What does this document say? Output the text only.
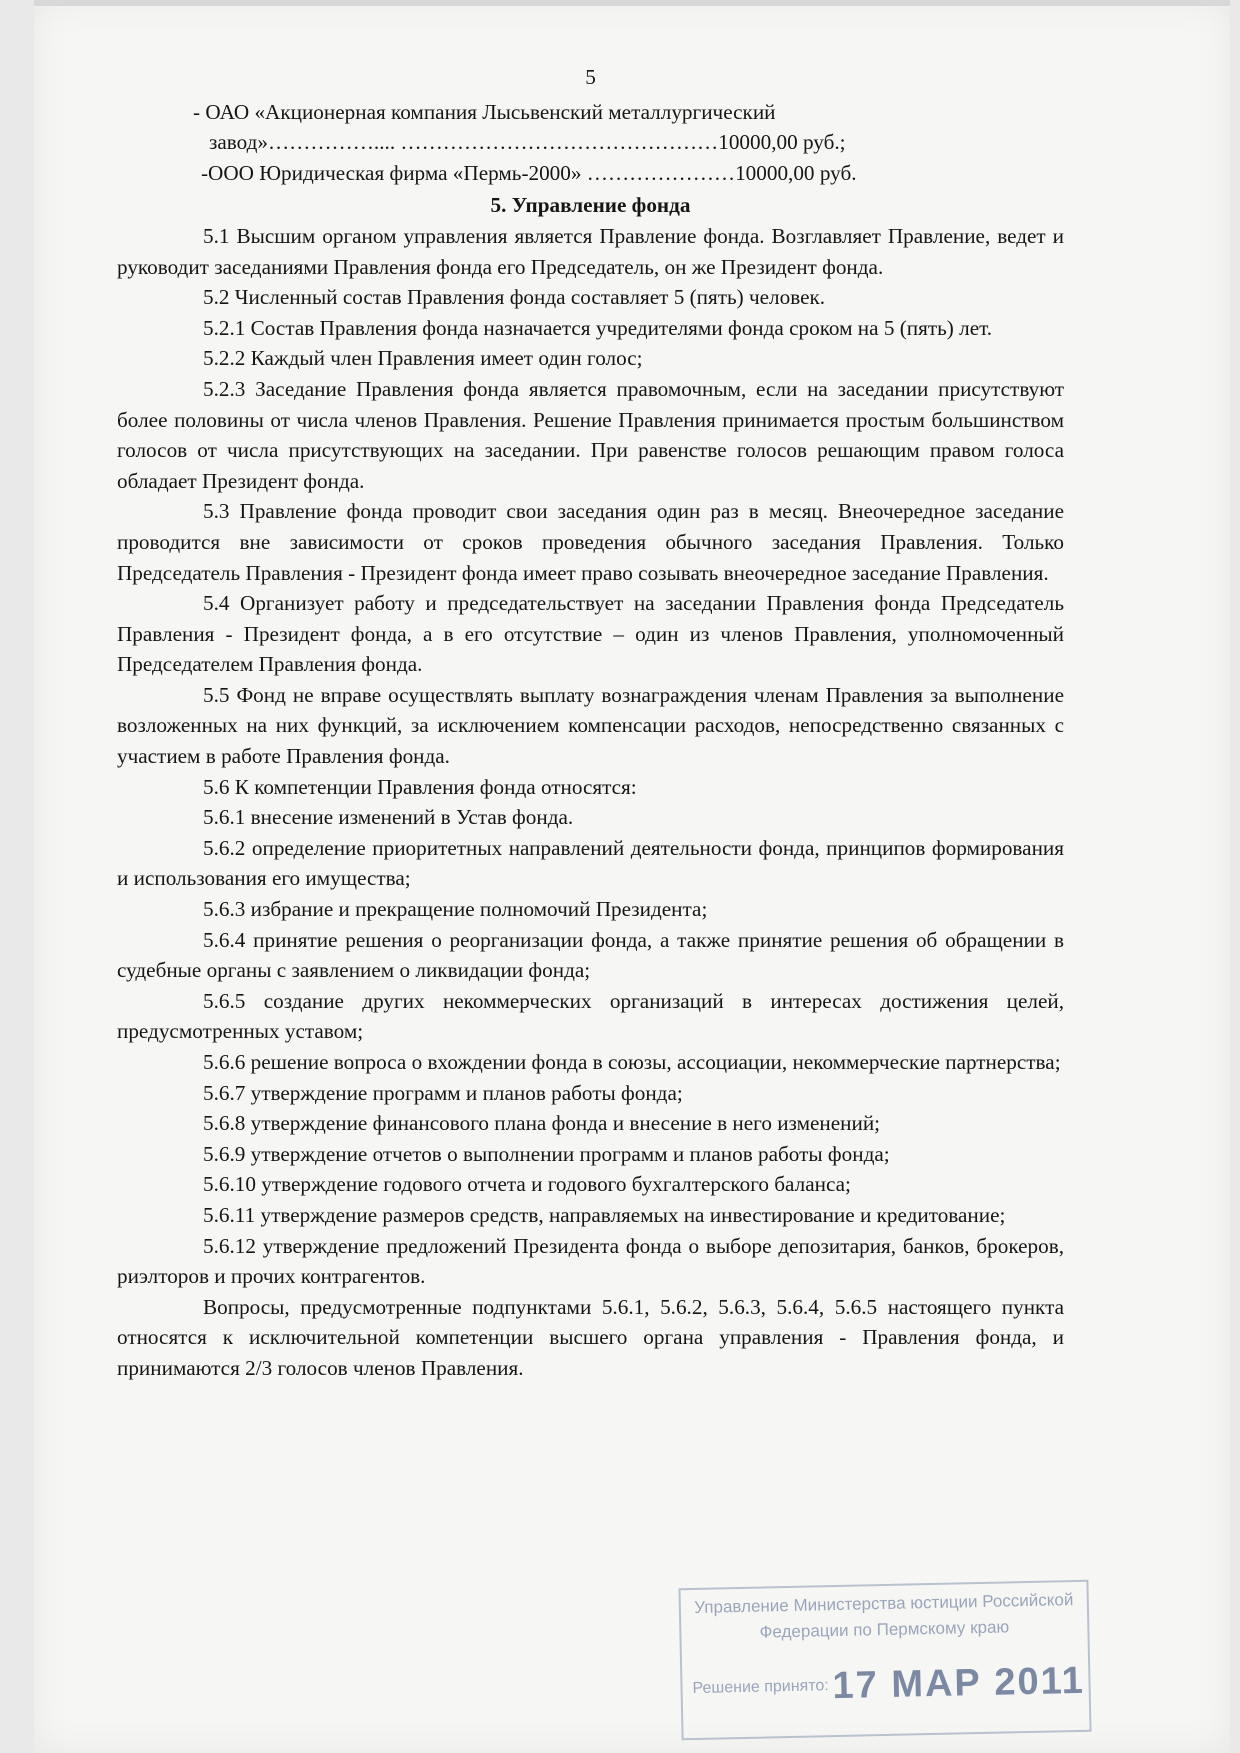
5

- ОАО «Акционерная компания Лысьвенский металлургический

завод»…………….... ………………………………………10000,00 руб.;

-ООО Юридическая фирма «Пермь-2000» …………………10000,00 руб.

5. Управление фонда

5.1 Высшим органом управления является Правление фонда. Возглавляет Правление, ведет и руководит заседаниями Правления фонда его Председатель, он же Президент фонда.

5.2 Численный состав Правления фонда составляет 5 (пять) человек.

5.2.1 Состав Правления фонда назначается учредителями фонда сроком на 5 (пять) лет.

5.2.2 Каждый член Правления имеет один голос;

5.2.3 Заседание Правления фонда является правомочным, если на заседании присутствуют более половины от числа членов Правления. Решение Правления принимается простым большинством голосов от числа присутствующих на заседании. При равенстве голосов решающим правом голоса обладает Президент фонда.

5.3 Правление фонда проводит свои заседания один раз в месяц. Внеочередное заседание проводится вне зависимости от сроков проведения обычного заседания Правления. Только Председатель Правления - Президент фонда имеет право созывать внеочередное заседание Правления.

5.4 Организует работу и председательствует на заседании Правления фонда Председатель Правления - Президент фонда, а в его отсутствие – один из членов Правления, уполномоченный Председателем Правления фонда.

5.5 Фонд не вправе осуществлять выплату вознаграждения членам Правления за выполнение возложенных на них функций, за исключением компенсации расходов, непосредственно связанных с участием в работе Правления фонда.

5.6 К компетенции Правления фонда относятся:

5.6.1 внесение изменений в Устав фонда.

5.6.2 определение приоритетных направлений деятельности фонда, принципов формирования и использования его имущества;

5.6.3 избрание и прекращение полномочий Президента;

5.6.4 принятие решения о реорганизации фонда, а также принятие решения об обращении в судебные органы с заявлением о ликвидации фонда;

5.6.5 создание других некоммерческих организаций в интересах достижения целей, предусмотренных уставом;

5.6.6 решение вопроса о вхождении фонда в союзы, ассоциации, некоммерческие партнерства;

5.6.7 утверждение программ и планов работы фонда;

5.6.8 утверждение финансового плана фонда и внесение в него изменений;

5.6.9 утверждение отчетов о выполнении программ и планов работы фонда;

5.6.10 утверждение годового отчета и годового бухгалтерского баланса;

5.6.11 утверждение размеров средств, направляемых на инвестирование и кредитование;

5.6.12 утверждение предложений Президента фонда о выборе депозитария, банков, брокеров, риэлторов и прочих контрагентов.

Вопросы, предусмотренные подпунктами 5.6.1, 5.6.2, 5.6.3, 5.6.4, 5.6.5 настоящего пункта относятся к исключительной компетенции высшего органа управления - Правления фонда, и принимаются 2/3 голосов членов Правления.

Управление Министерства юстиции Российской
Федерации по Пермскому краю
Решение принято: 17 МАР 2011
